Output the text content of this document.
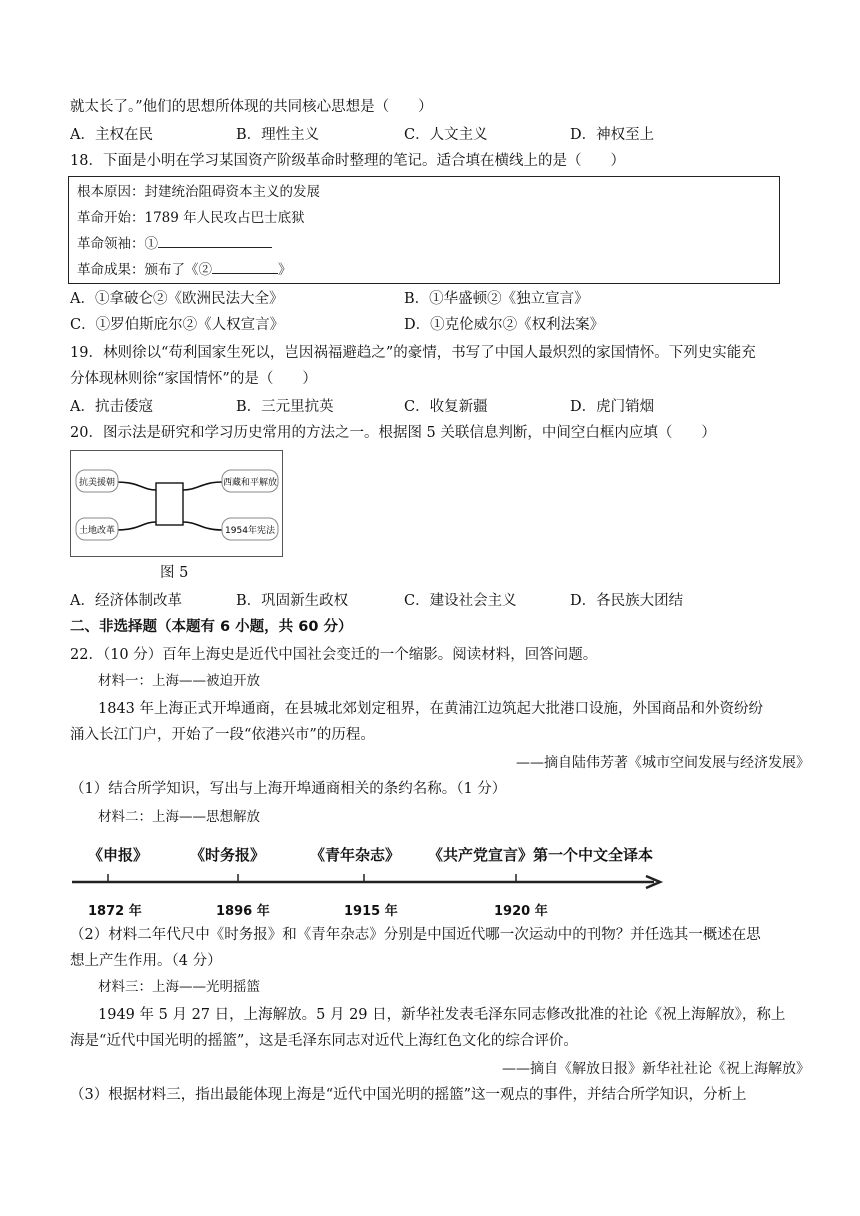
就太长了。”他们的思想所体现的共同核心思想是（　　）
A．主权在民	B．理性主义	C．人文主义	D．神权至上
18．下面是小明在学习某国资产阶级革命时整理的笔记。适合填在横线上的是（　　）
根本原因：封建统治阻碍资本主义的发展
革命开始：1789 年人民攻占巴士底狱
革命领袖：①
革命成果：颁布了《②	》
A．①拿破仑②《欧洲民法大全》	B．①华盛顿②《独立宣言》
C．①罗伯斯庇尔②《人权宣言》	D．①克伦威尔②《权利法案》
19．林则徐以“苟利国家生死以，岂因祸福避趋之”的豪情，书写了中国人最炽烈的家国情怀。下列史实能充
分体现林则徐“家国情怀”的是（　　）
A．抗击倭寇	B．三元里抗英	C．收复新疆	D．虎门销烟
20．图示法是研究和学习历史常用的方法之一。根据图 5 关联信息判断，中间空白框内应填（　　）
抗美援朝
土地改革
西藏和平解放
1954年宪法
图 5
A．经济体制改革	B．巩固新生政权	C．建设社会主义	D．各民族大团结
二、非选择题（本题有 6 小题，共 60 分）
22．（10 分）百年上海史是近代中国社会变迁的一个缩影。阅读材料，回答问题。
材料一：上海——被迫开放
1843 年上海正式开埠通商，在县城北郊划定租界，在黄浦江边筑起大批港口设施，外国商品和外资纷纷
涌入长江门户，开始了一段“依港兴市”的历程。
——摘自陆伟芳著《城市空间发展与经济发展》
（1）结合所学知识，写出与上海开埠通商相关的条约名称。（1 分）
材料二：上海——思想解放
《申报》	《时务报》	《青年杂志》 《共产党宣言》第一个中文全译本
1872 年	1896 年	1915 年	1920 年
（2）材料二年代尺中《时务报》和《青年杂志》分别是中国近代哪一次运动中的刊物？并任选其一概述在思
想上产生作用。（4 分）
材料三：上海——光明摇篮
1949 年 5 月 27 日，上海解放。5 月 29 日，新华社发表毛泽东同志修改批准的社论《祝上海解放》，称上
海是“近代中国光明的摇篮”，这是毛泽东同志对近代上海红色文化的综合评价。
——摘自《解放日报》新华社社论《祝上海解放》
（3）根据材料三，指出最能体现上海是“近代中国光明的摇篮”这一观点的事件，并结合所学知识，分析上
